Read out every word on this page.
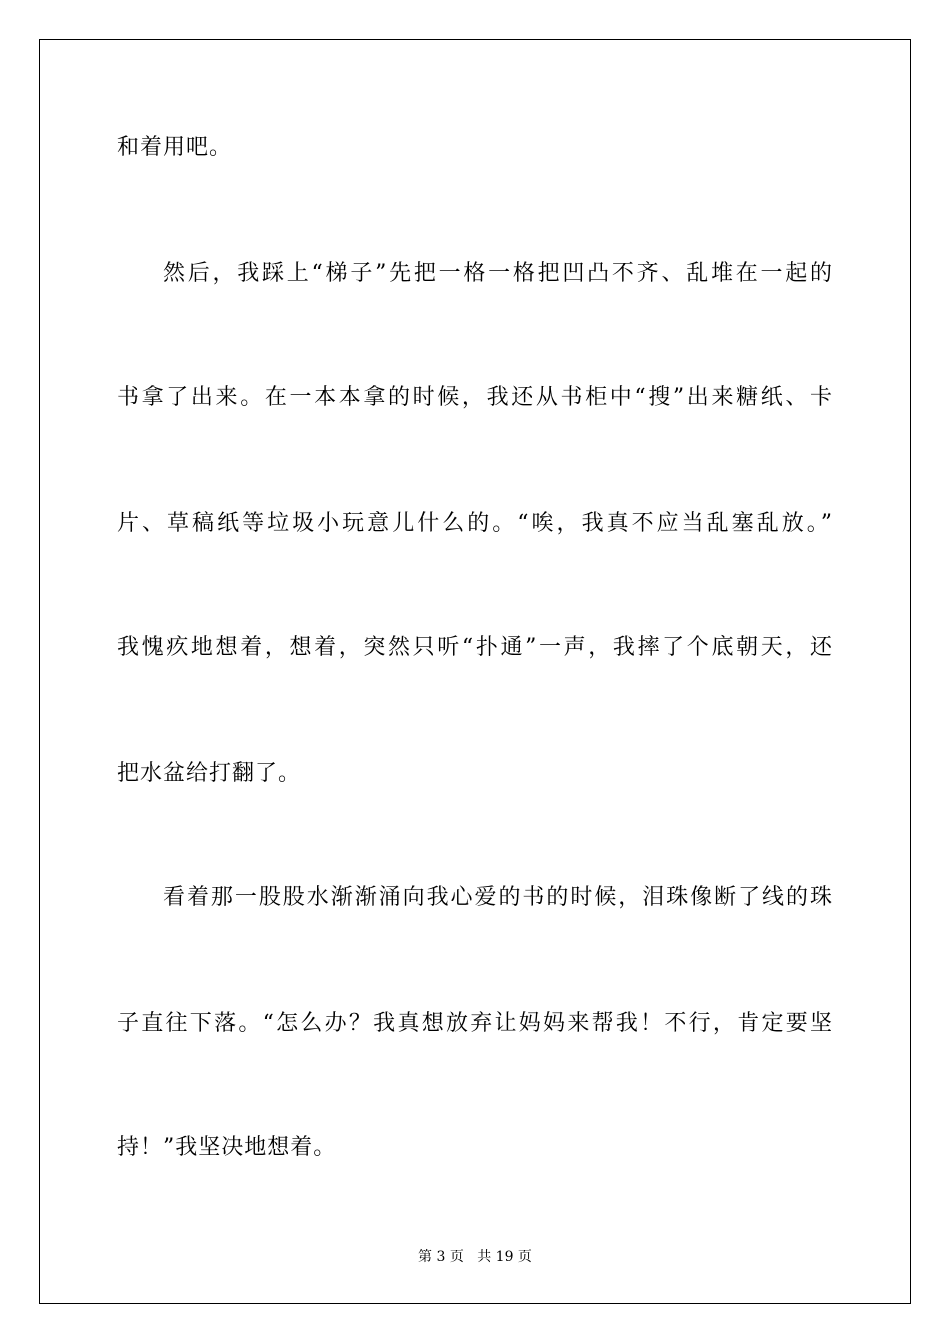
和着用吧。
然后，我踩上“梯子”先把一格一格把凹凸不齐、乱堆在一起的
书拿了出来。在一本本拿的时候，我还从书柜中“搜”出来糖纸、卡
片、草稿纸等垃圾小玩意儿什么的。“唉，我真不应当乱塞乱放。”
我愧疚地想着，想着，突然只听“扑通”一声，我摔了个底朝天，还
把水盆给打翻了。
看着那一股股水渐渐涌向我心爱的书的时候，泪珠像断了线的珠
子直往下落。“怎么办？我真想放弃让妈妈来帮我！不行，肯定要坚
持！”我坚决地想着。
第 3 页 共 19 页
